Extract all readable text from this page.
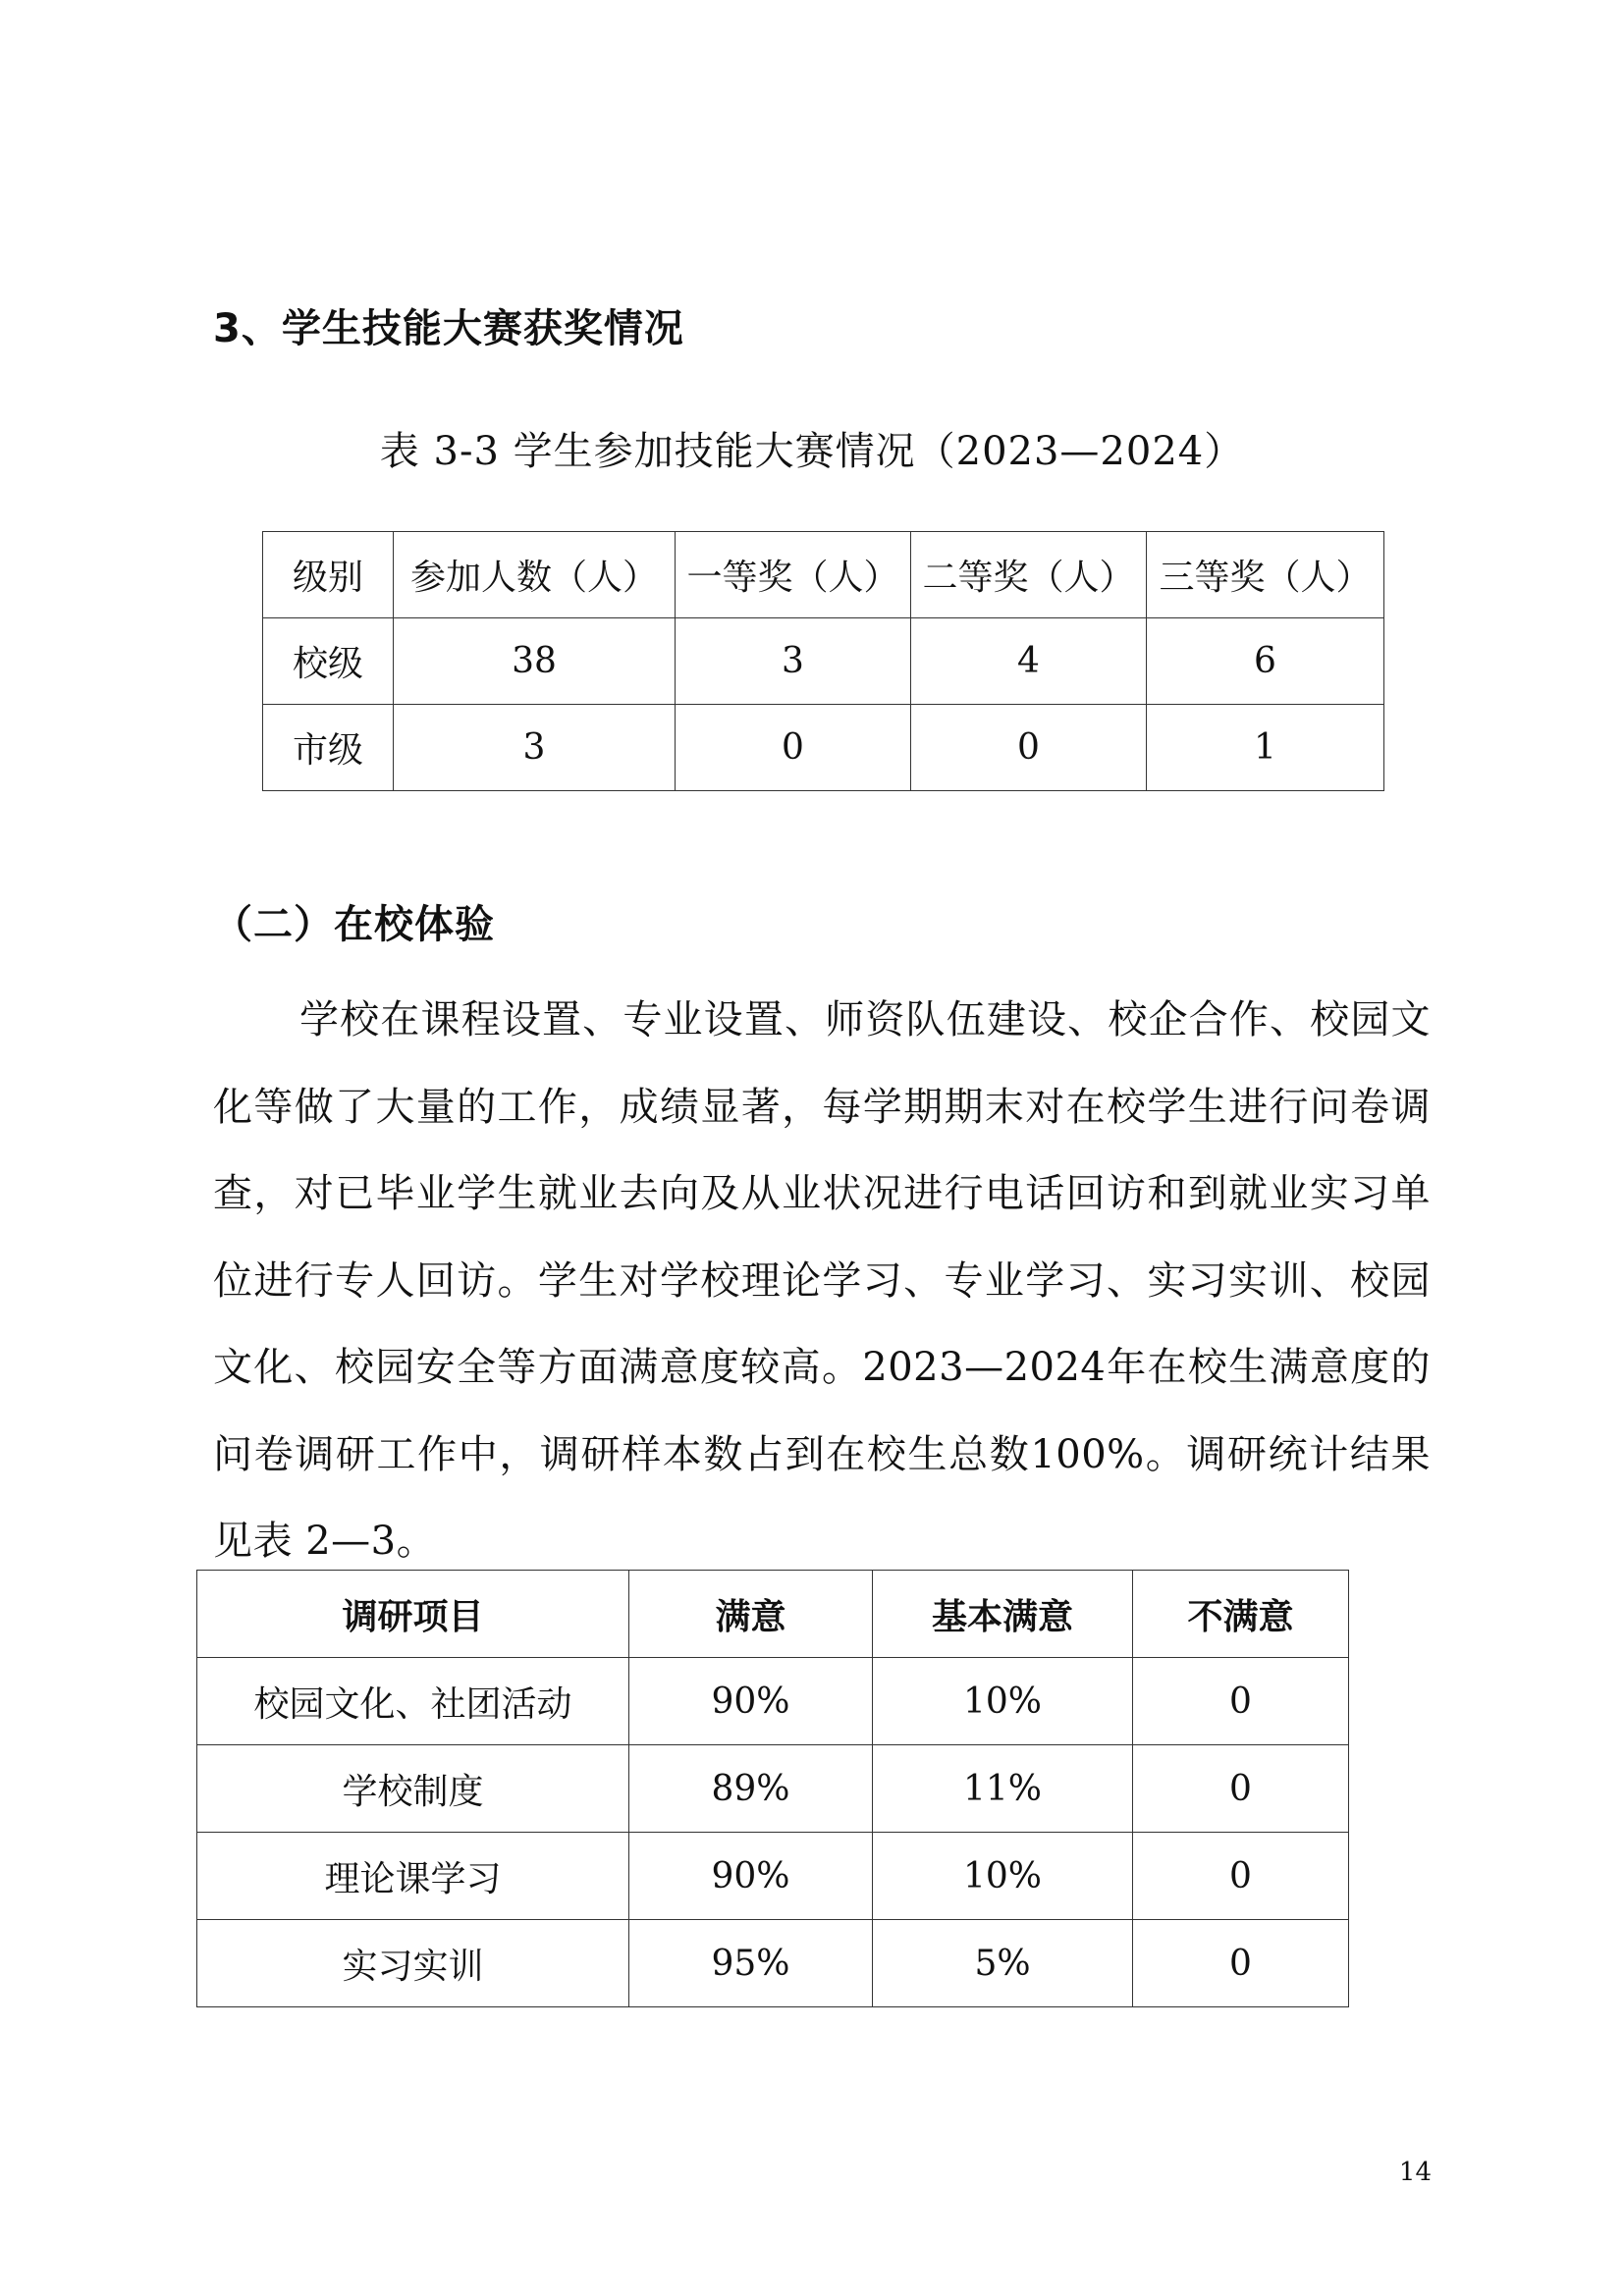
3、学生技能大赛获奖情况
表 3-3 学生参加技能大赛情况（2023—2024）
级别	参加人数（人）	一等奖（人）	二等奖（人）	三等奖（人）
校级	38	3	4	6
市级	3	0	0	1
（二）在校体验
学校在课程设置、专业设置、师资队伍建设、校企合作、校园文化等做了大量的工作，成绩显著，每学期期末对在校学生进行问卷调查，对已毕业学生就业去向及从业状况进行电话回访和到就业实习单位进行专人回访。学生对学校理论学习、专业学习、实习实训、校园文化、校园安全等方面满意度较高。2023—2024年在校生满意度的问卷调研工作中，调研样本数占到在校生总数100%。调研统计结果见表 2—3。
调研项目	满意	基本满意	不满意
校园文化、社团活动	90%	10%	0
学校制度	89%	11%	0
理论课学习	90%	10%	0
实习实训	95%	5%	0
14
